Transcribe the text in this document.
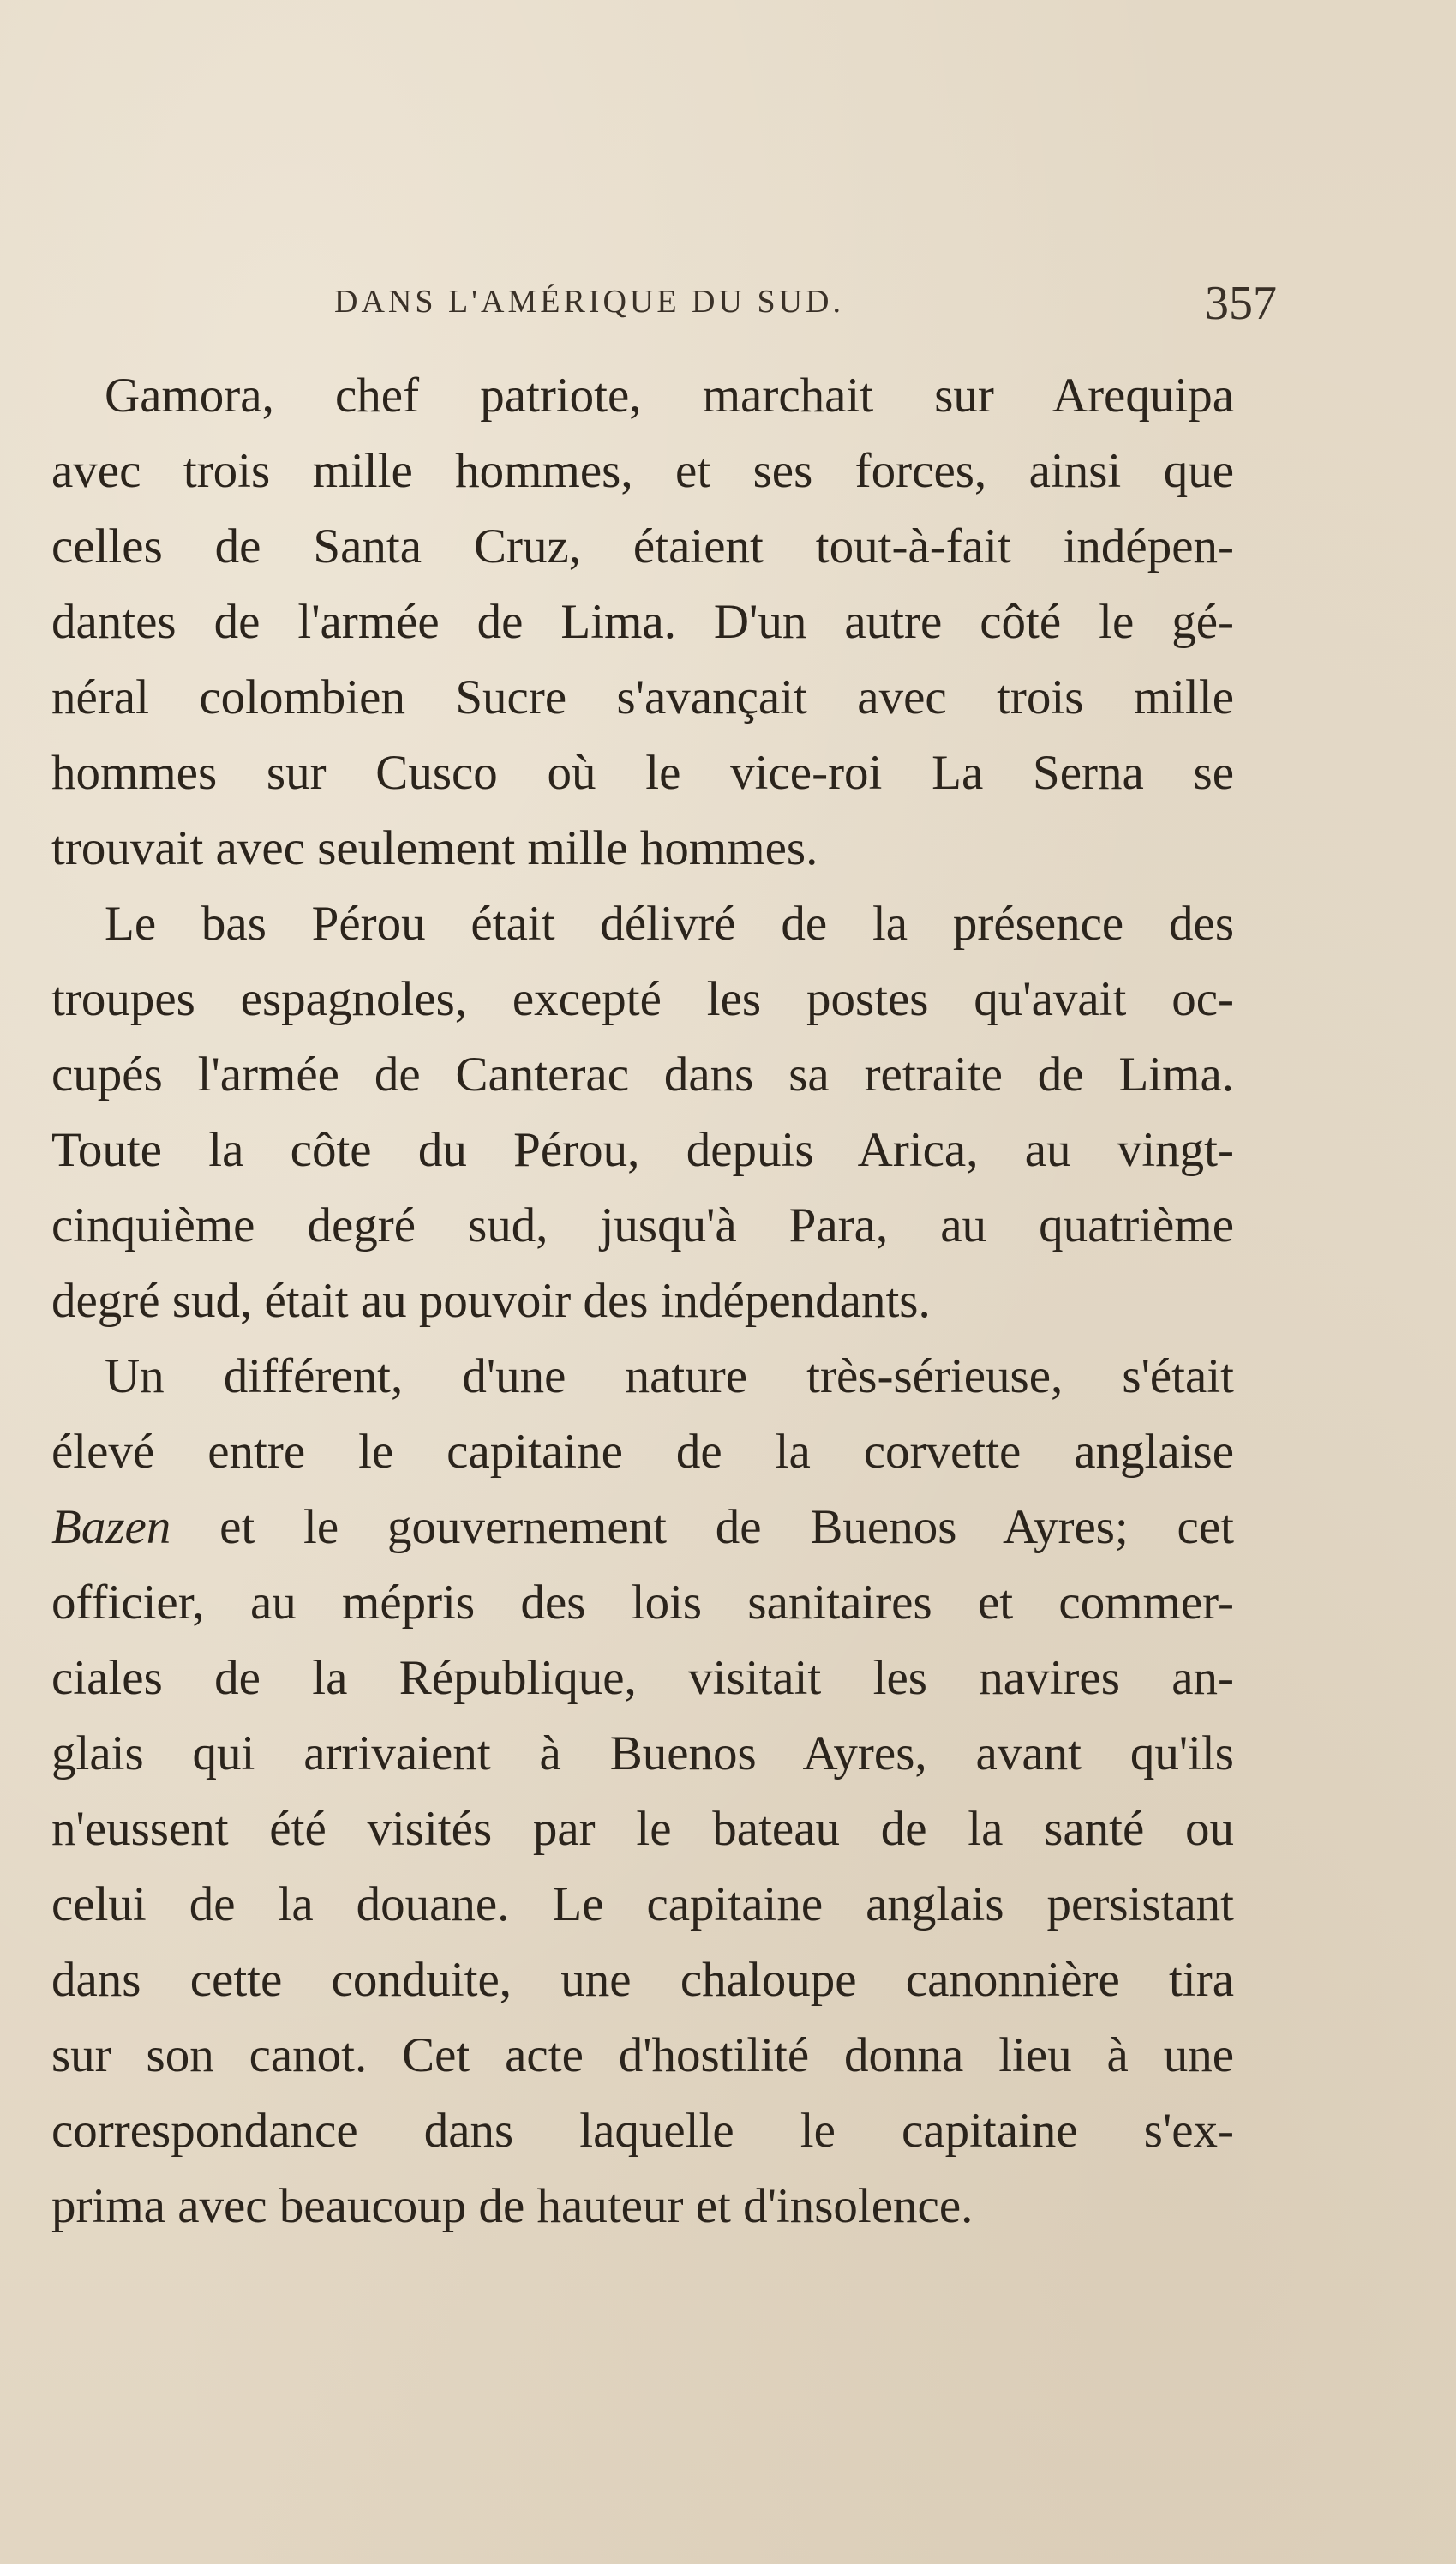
DANS L'AMÉRIQUE DU SUD.	357
Gamora, chef patriote, marchait sur Arequipa
avec trois mille hommes, et ses forces, ainsi que
celles de Santa Cruz, étaient tout-à-fait indépen-
dantes de l'armée de Lima. D'un autre côté le gé-
néral colombien Sucre s'avançait avec trois mille
hommes sur Cusco où le vice-roi La Serna se
trouvait avec seulement mille hommes.
Le bas Pérou était délivré de la présence des
troupes espagnoles, excepté les postes qu'avait oc-
cupés l'armée de Canterac dans sa retraite de Lima.
Toute la côte du Pérou, depuis Arica, au vingt-
cinquième degré sud, jusqu'à Para, au quatrième
degré sud, était au pouvoir des indépendants.
Un différent, d'une nature très-sérieuse, s'était
élevé entre le capitaine de la corvette anglaise
Bazen et le gouvernement de Buenos Ayres; cet
officier, au mépris des lois sanitaires et commer-
ciales de la République, visitait les navires an-
glais qui arrivaient à Buenos Ayres, avant qu'ils
n'eussent été visités par le bateau de la santé ou
celui de la douane. Le capitaine anglais persistant
dans cette conduite, une chaloupe canonnière tira
sur son canot. Cet acte d'hostilité donna lieu à une
correspondance dans laquelle le capitaine s'ex-
prima avec beaucoup de hauteur et d'insolence.
